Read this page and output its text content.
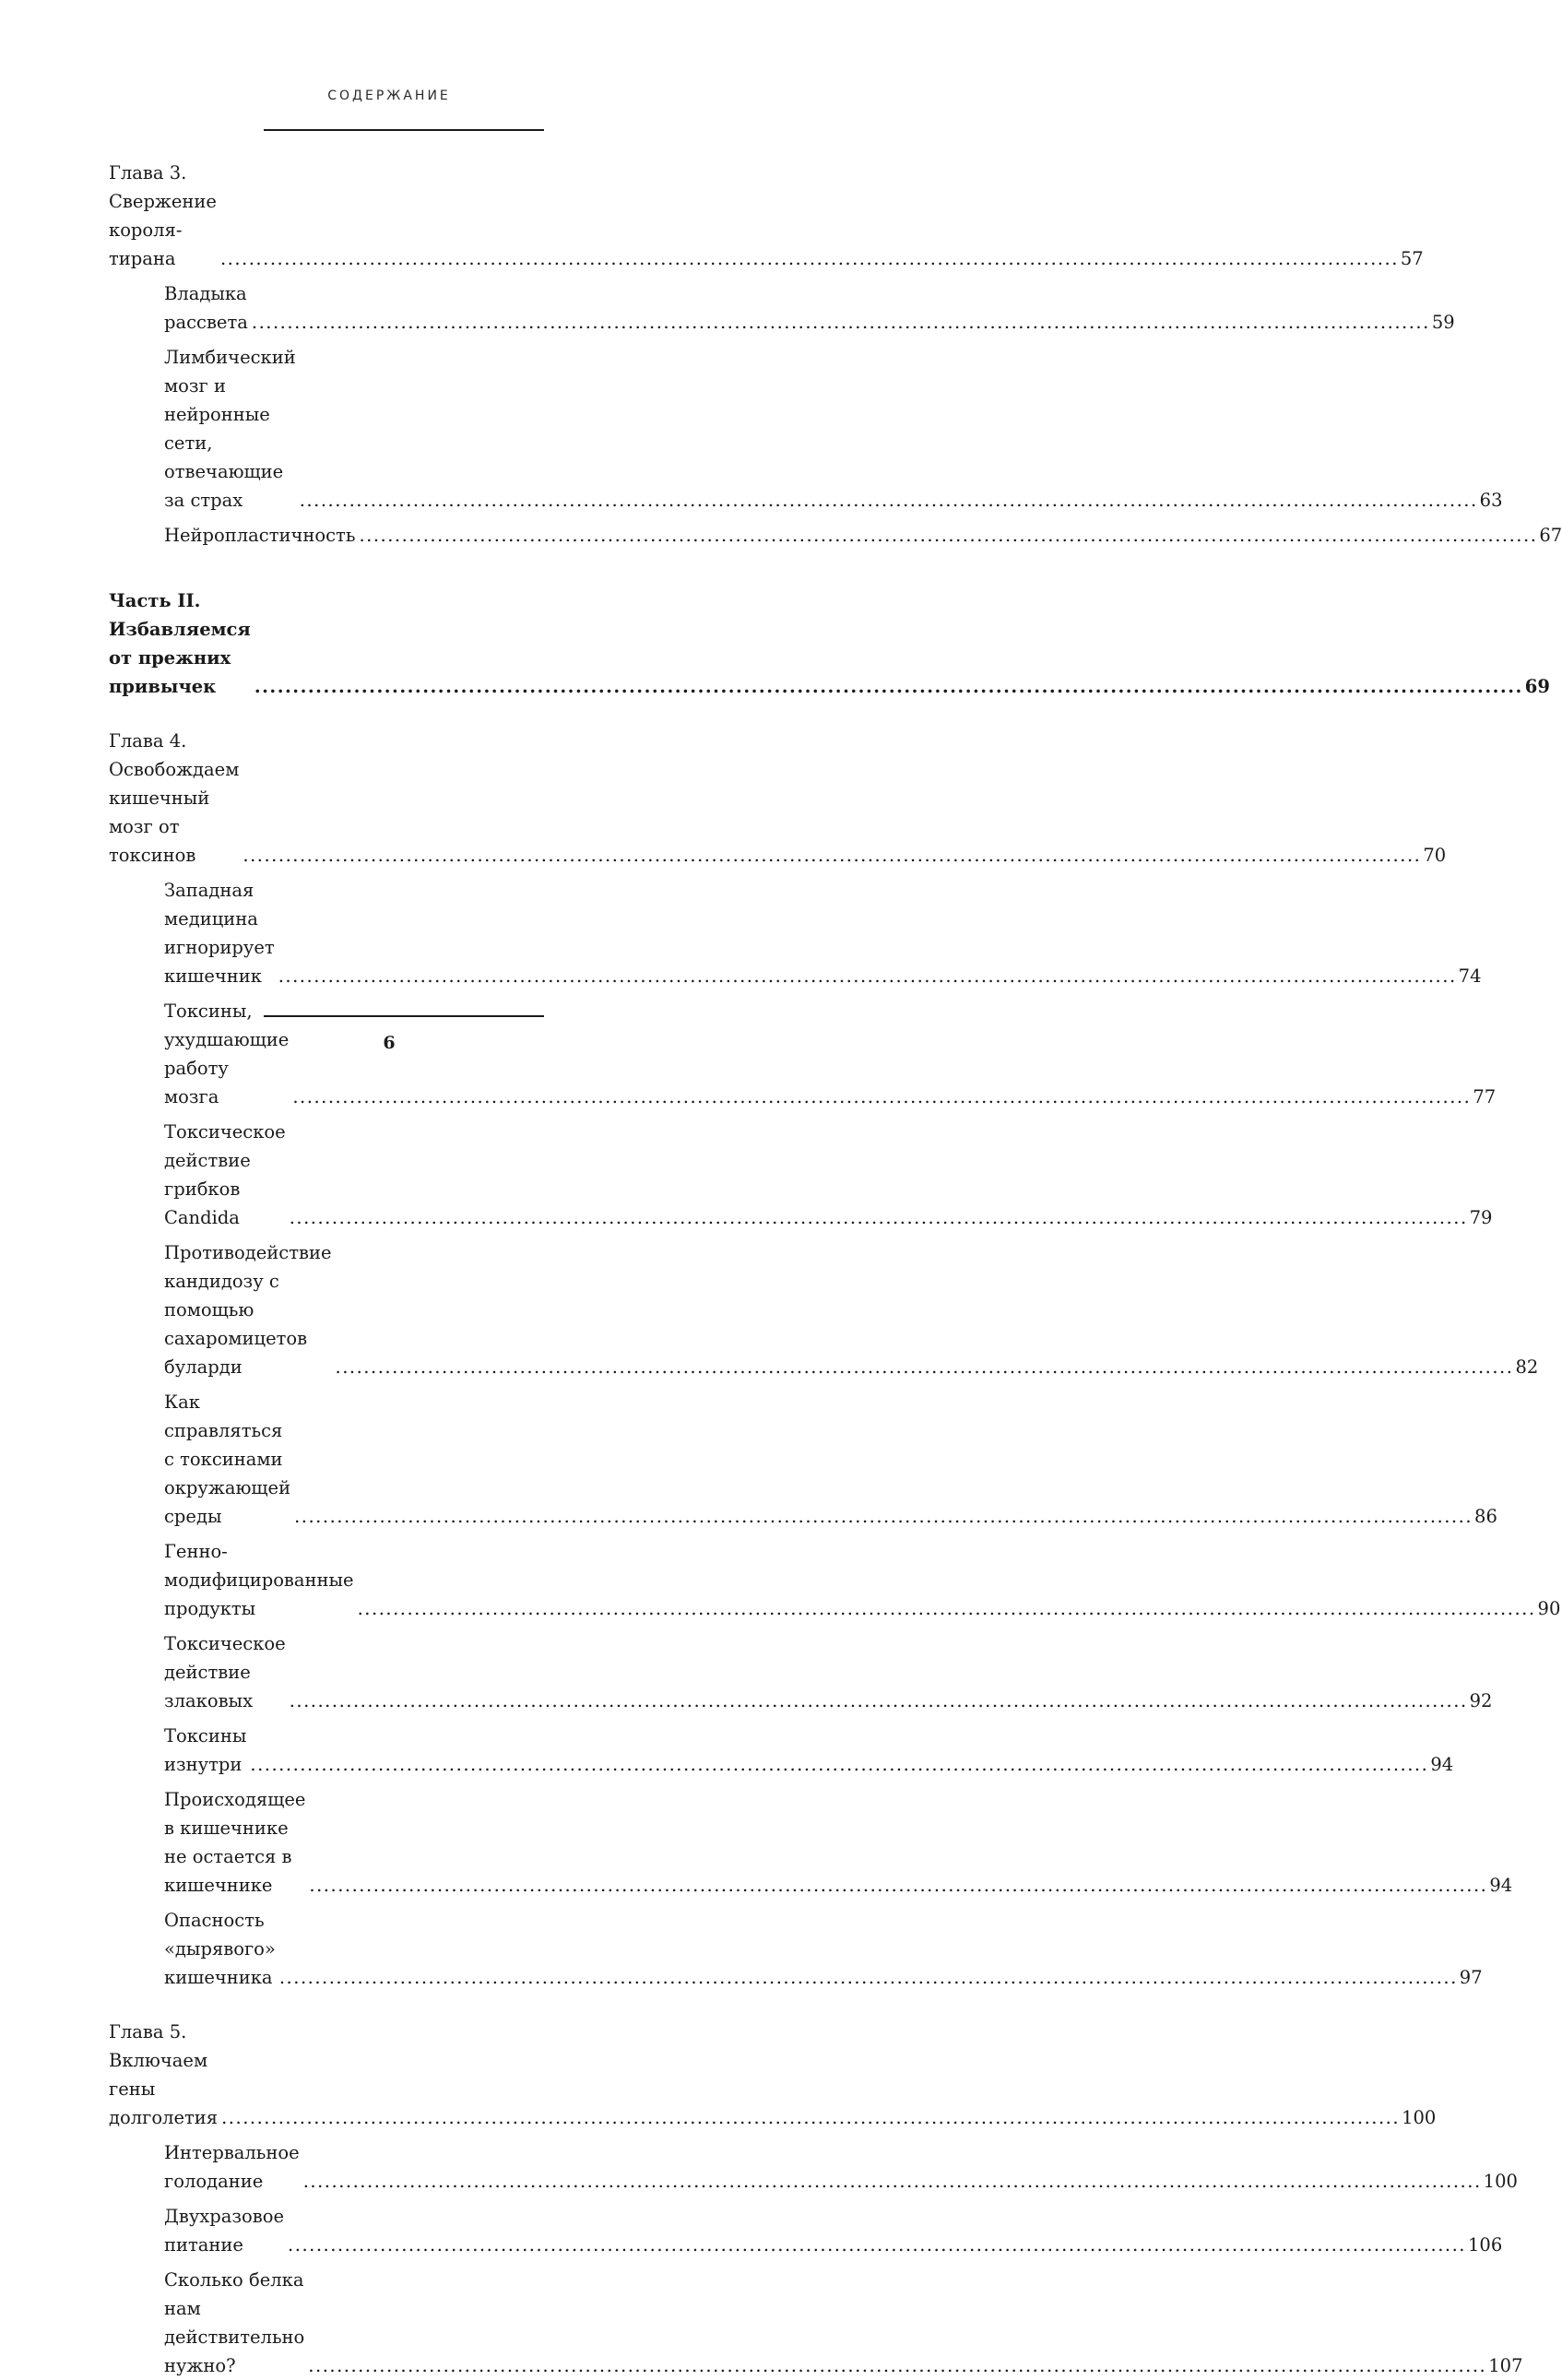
СОДЕРЖАНИЕ
Глава 3. Свержение короля-тирана .....	57
Владыка рассвета .....	59
Лимбический мозг и нейронные сети,
отвечающие за страх .....	63
Нейропластичность .....	67
Часть II. Избавляемся от прежних привычек .....	69
Глава 4. Освобождаем кишечный мозг от токсинов .....	70
Западная медицина игнорирует кишечник .....	74
Токсины, ухудшающие работу мозга .....	77
Токсическое действие грибков Candida .....	79
Противодействие кандидозу с помощью
сахаромицетов буларди .....	82
Как справляться с токсинами окружающей среды .....	86
Генно-модифицированные продукты .....	90
Токсическое действие злаковых .....	92
Токсины изнутри .....	94
Происходящее в кишечнике
не остается в кишечнике .....	94
Опасность «дырявого» кишечника .....	97
Глава 5. Включаем гены долголетия .....	100
Интервальное голодание .....	100
Двухразовое питание .....	106
Сколько белка нам действительно нужно? .....	107
6
